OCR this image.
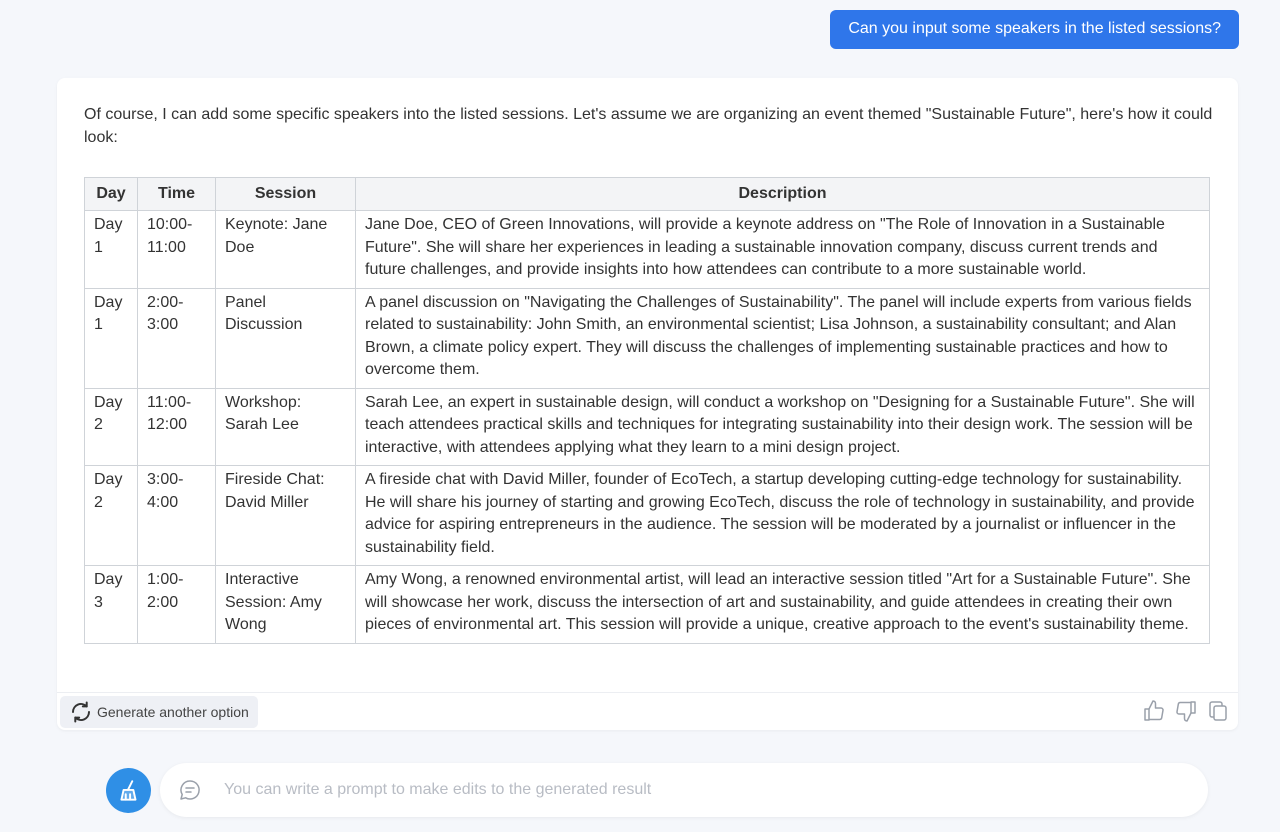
Can you input some speakers in the listed sessions?

Of course, I can add some specific speakers into the listed sessions. Let's assume we are organizing an event themed "Sustainable Future", here's how it could look:

Day	Time	Session	Description
Day 1	10:00-11:00	Keynote: Jane Doe	Jane Doe, CEO of Green Innovations, will provide a keynote address on "The Role of Innovation in a Sustainable Future". She will share her experiences in leading a sustainable innovation company, discuss current trends and future challenges, and provide insights into how attendees can contribute to a more sustainable world.
Day 1	2:00-3:00	Panel Discussion	A panel discussion on "Navigating the Challenges of Sustainability". The panel will include experts from various fields related to sustainability: John Smith, an environmental scientist; Lisa Johnson, a sustainability consultant; and Alan Brown, a climate policy expert. They will discuss the challenges of implementing sustainable practices and how to overcome them.
Day 2	11:00-12:00	Workshop: Sarah Lee	Sarah Lee, an expert in sustainable design, will conduct a workshop on "Designing for a Sustainable Future". She will teach attendees practical skills and techniques for integrating sustainability into their design work. The session will be interactive, with attendees applying what they learn to a mini design project.
Day 2	3:00-4:00	Fireside Chat: David Miller	A fireside chat with David Miller, founder of EcoTech, a startup developing cutting-edge technology for sustainability. He will share his journey of starting and growing EcoTech, discuss the role of technology in sustainability, and provide advice for aspiring entrepreneurs in the audience. The session will be moderated by a journalist or influencer in the sustainability field.
Day 3	1:00-2:00	Interactive Session: Amy Wong	Amy Wong, a renowned environmental artist, will lead an interactive session titled "Art for a Sustainable Future". She will showcase her work, discuss the intersection of art and sustainability, and guide attendees in creating their own pieces of environmental art. This session will provide a unique, creative approach to the event's sustainability theme.
Generate another option
You can write a prompt to make edits to the generated result
